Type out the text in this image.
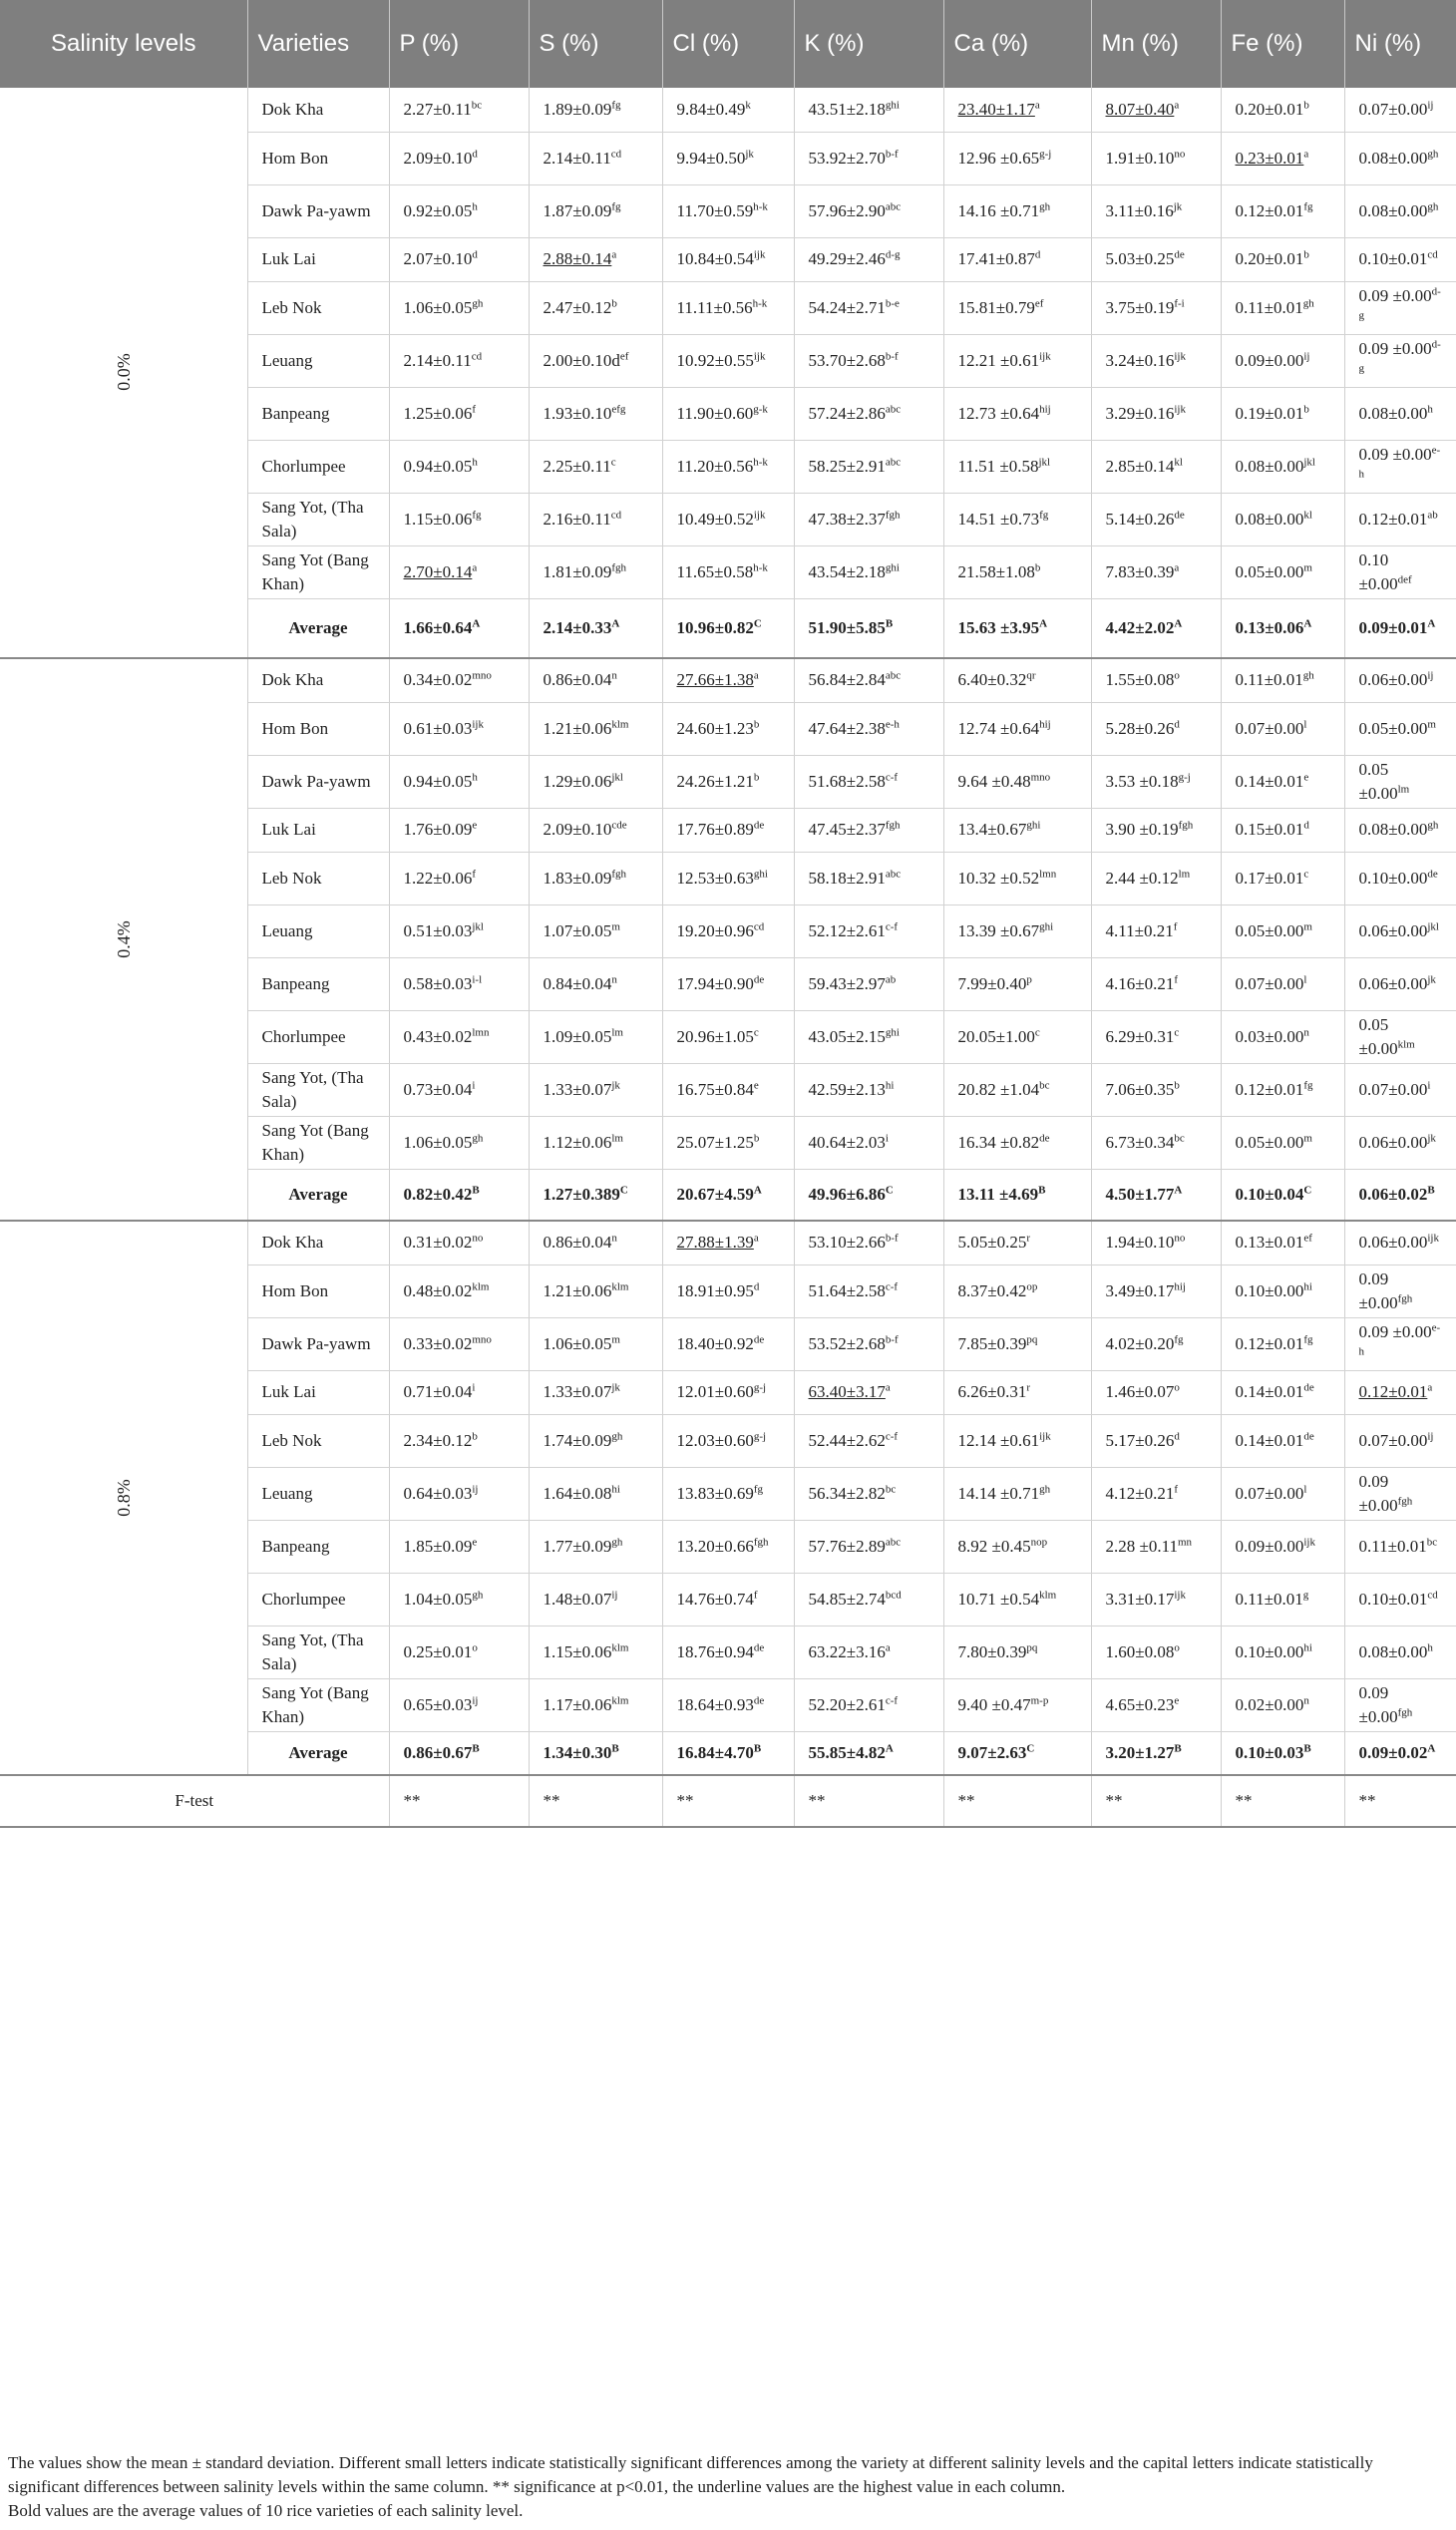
Salinity levels	Varieties	P (%)	S (%)	Cl (%)	K (%)	Ca (%)	Mn (%)	Fe (%)	Ni (%)
0.0%	Dok Kha	2.27±0.11$^{bc}$	1.89±0.09$^{fg}$	$9.84\pm 0.49^k$	$43.51\pm 2.18^{ghi}$	23.40±1.17$^a$	8.07±0.40$^a$	0.20±0.01$^b$	$0.07\pm 0.00^{ij}$
	Hom Bon	2.09±0.10$^d$	2.14±0.11$^{cd}$	$9.94\pm 0.50^{jk}$	$53.92\pm 2.70^{b-f}$	$12.96 \pm 0.65^{g-j}$	$1.91\pm 0.10^{no}$	0.23±0.01$^a$	0.08±0.00$^{gh}$
	Dawk Pa-yawm	0.92±0.05$^h$	1.87±0.09$^{fg}$	$11.70\pm 0.59^{h-k}$	57.96±2.90$^{abc}$	14.16 ±0.71$^{gh}$	$3.11\pm 0.16^{jk}$	0.12±0.01$^{fg}$	0.08±0.00$^{gh}$
	Luk Lai	2.07±0.10$^d$	2.88±0.14$^a$	$10.84\pm 0.54^{ijk}$	$49.29\pm 2.46^{d-g}$	17.41±0.87$^d$	5.03±0.25de	0.20±0.01$^b$	0.10±0.01$^{cd}$
	Leb Nok	1.06±0.05$^{gh}$	2.47±0.12$^b$	$11.11\pm 0.56^{h-k}$	$54.24\pm 2.71^{b-e}$	15.81±0.79$^{ef}$	$3.75\pm 0.19^{f-i}$	0.11±0.01$^{gh}$	$0.09 \pm 0.00^{d-g}$
	Leuang	2.14±0.11$^{cd}$	$2.00\pm 0.10d^{ef}$	$10.92\pm 0.55^{ijk}$	$53.70\pm 2.68^{b-f}$	$12.21 \pm 0.61^{ijk}$	$3.24\pm 0.16^{ijk}$	$0.09\pm 0.00^{ij}$	$0.09 \pm 0.00^{d-g}$
	Banpeang	1.25±0.06$^f$	1.93±0.10$^{efg}$	$11.90\pm 0.60^{g-k}$	57.24±2.86$^{abc}$	$12.73 \pm 0.64^{hij}$	$3.29\pm 0.16^{ijk}$	0.19±0.01$^b$	0.08±0.00$^h$
	Chorlumpee	0.94±0.05$^h$	2.25±0.11$^c$	$11.20\pm 0.56^{h-k}$	58.25±2.91$^{abc}$	$11.51 \pm 0.58^{jkl}$	$2.85\pm 0.14^{kl}$	$0.08\pm 0.00^{jkl}$	$0.09 \pm 0.00^{e-h}$
	Sang Yot, (Tha Sala)	1.15±0.06$^{fg}$	2.16±0.11$^{cd}$	$10.49\pm 0.52^{ijk}$	47.38±2.37$^{fgh}$	14.51 ±0.73$^{fg}$	5.14±0.26de	$0.08\pm 0.00^{kl}$	0.12±0.01$^{ab}$
	Sang Yot (Bang Khan)	2.70±0.14$^a$	1.81±0.09$^{fgh}$	$11.65\pm 0.58^{h-k}$	$43.54\pm 2.18^{ghi}$	21.58±1.08$^b$	7.83±0.39$^a$	$0.05\pm 0.00^m$	0.10 ±0.00$^{def}$
	Average	$1.66\pm 0.64^A$	$2.14\pm 0.33^A$	$10.96\pm 0.82^C$	$51.90\pm 5.85^B$	$15.63 \pm 3.95^A$	$4.42\pm 2.02^A$	$0.13\pm 0.06^A$	$0.09\pm 0.01^A$
0.4%	Dok Kha	$0.34\pm 0.02^{mno}$	$0.86\pm 0.04^n$	27.66±1.38$^a$	56.84±2.84$^{abc}$	$6.40\pm 0.32^{qr}$	$1.55\pm 0.08^o$	0.11±0.01$^{gh}$	$0.06\pm 0.00^{ij}$
	Hom Bon	$0.61\pm 0.03^{ijk}$	$1.21\pm 0.06^{klm}$	24.60±1.23$^b$	$47.64\pm 2.38^{e-h}$	$12.74 \pm 0.64^{hij}$	5.28±0.26$^d$	$0.07\pm 0.00^l$	$0.05\pm 0.00^m$
	Dawk Pa-yawm	0.94±0.05$^h$	$1.29\pm 0.06^{jkl}$	24.26±1.21$^b$	$51.68\pm 2.58^{c-f}$	$9.64 \pm 0.48^{mno}$	$3.53 \pm 0.18^{g-j}$	0.14±0.01$^e$	$0.05 \pm 0.00^{lm}$
	Luk Lai	1.76±0.09$^e$	2.09±0.10$^{cde}$	17.76±0.89de	47.45±2.37$^{fgh}$	$13.4\pm 0.67^{ghi}$	3.90 ±0.19$^{fgh}$	0.15±0.01$^d$	0.08±0.00$^{gh}$
	Leb Nok	1.22±0.06$^f$	1.83±0.09$^{fgh}$	$12.53\pm 0.63^{ghi}$	58.18±2.91$^{abc}$	$10.32 \pm 0.52^{lmn}$	$2.44 \pm 0.12^{lm}$	0.17±0.01$^c$	0.10±0.00de
	Leuang	$0.51\pm 0.03^{jkl}$	$1.07\pm 0.05^m$	19.20±0.96$^{cd}$	$52.12\pm 2.61^{c-f}$	$13.39 \pm 0.67^{ghi}$	4.11±0.21$^f$	$0.05\pm 0.00^m$	$0.06\pm 0.00^{jkl}$
	Banpeang	$0.58\pm 0.03^{i-l}$	$0.84\pm 0.04^n$	17.94±0.90de	59.43±2.97$^{ab}$	$7.99\pm 0.40^p$	4.16±0.21$^f$	$0.07\pm 0.00^l$	$0.06\pm 0.00^{jk}$
	Chorlumpee	$0.43\pm 0.02^{lmn}$	$1.09\pm 0.05^{lm}$	20.96±1.05$^c$	$43.05\pm 2.15^{ghi}$	20.05±1.00$^c$	6.29±0.31$^c$	$0.03\pm 0.00^n$	$0.05 \pm 0.00^{klm}$
	Sang Yot, (Tha Sala)	$0.73\pm 0.04^i$	$1.33\pm 0.07^{jk}$	16.75±0.84$^e$	$42.59\pm 2.13^{hi}$	20.82 ±1.04$^{bc}$	7.06±0.35$^b$	0.12±0.01$^{fg}$	$0.07\pm 0.00^i$
	Sang Yot (Bang Khan)	1.06±0.05$^{gh}$	$1.12\pm 0.06^{lm}$	25.07±1.25$^b$	$40.64\pm 2.03^i$	16.34 ±0.82de	6.73±0.34$^{bc}$	$0.05\pm 0.00^m$	$0.06\pm 0.00^{jk}$
	Average	$0.82\pm 0.42^B$	$1.27\pm 0.389^C$	$20.67\pm 4.59^A$	$49.96\pm 6.86^C$	$13.11 \pm 4.69^B$	$4.50\pm 1.77^A$	$0.10\pm 0.04^C$	$0.06\pm 0.02^B$
0.8%	Dok Kha	$0.31\pm 0.02^{no}$	$0.86\pm 0.04^n$	27.88±1.39$^a$	$53.10\pm 2.66^{b-f}$	$5.05\pm 0.25^r$	$1.94\pm 0.10^{no}$	0.13±0.01$^{ef}$	$0.06\pm 0.00^{ijk}$
	Hom Bon	$0.48\pm 0.02^{klm}$	$1.21\pm 0.06^{klm}$	18.91±0.95$^d$	$51.64\pm 2.58^{c-f}$	$8.37\pm 0.42^{op}$	$3.49\pm 0.17^{hij}$	$0.10\pm 0.00^{hi}$	0.09 ±0.00$^{fgh}$
	Dawk Pa-yawm	$0.33\pm 0.02^{mno}$	$1.06\pm 0.05^m$	18.40±0.92de	$53.52\pm 2.68^{b-f}$	$7.85\pm 0.39^{pq}$	4.02±0.20$^{fg}$	0.12±0.01$^{fg}$	$0.09 \pm 0.00^{e-h}$
	Luk Lai	$0.71\pm 0.04^i$	$1.33\pm 0.07^{jk}$	$12.01\pm 0.60^{g-j}$	63.40±3.17$^a$	$6.26\pm 0.31^r$	$1.46\pm 0.07^o$	0.14±0.01de	0.12±0.01$^a$
	Leb Nok	2.34±0.12$^b$	1.74±0.09$^{gh}$	$12.03\pm 0.60^{g-j}$	$52.44\pm 2.62^{c-f}$	$12.14 \pm 0.61^{ijk}$	5.17±0.26$^d$	0.14±0.01de	$0.07\pm 0.00^{ij}$
	Leuang	$0.64\pm 0.03^{ij}$	$1.64\pm 0.08^{hi}$	13.83±0.69$^{fg}$	56.34±2.82$^{bc}$	14.14 ±0.71$^{gh}$	4.12±0.21$^f$	$0.07\pm 0.00^l$	0.09 ±0.00$^{fgh}$
	Banpeang	1.85±0.09$^e$	1.77±0.09$^{gh}$	13.20±0.66$^{fgh}$	57.76±2.89$^{abc}$	$8.92 \pm 0.45^{nop}$	$2.28 \pm 0.11^{mn}$	$0.09\pm 0.00^{ijk}$	0.11±0.01$^{bc}$
	Chorlumpee	1.04±0.05$^{gh}$	$1.48\pm 0.07^{ij}$	14.76±0.74$^f$	54.85±2.74$^{bcd}$	$10.71 \pm 0.54^{klm}$	$3.31\pm 0.17^{ijk}$	0.11±0.01$^g$	0.10±0.01$^{cd}$
	Sang Yot, (Tha Sala)	$0.25\pm 0.01^o$	$1.15\pm 0.06^{klm}$	18.76±0.94de	63.22±3.16$^a$	$7.80\pm 0.39^{pq}$	$1.60\pm 0.08^o$	$0.10\pm 0.00^{hi}$	0.08±0.00$^h$
	Sang Yot (Bang Khan)	$0.65\pm 0.03^{ij}$	$1.17\pm 0.06^{klm}$	18.64±0.93de	$52.20\pm 2.61^{c-f}$	$9.40 \pm 0.47^{m-p}$	4.65±0.23$^e$	$0.02\pm 0.00^n$	0.09 ±0.00$^{fgh}$
	Average	$0.86\pm 0.67^B$	$1.34\pm 0.30^B$	$16.84\pm 4.70^B$	$55.85\pm 4.82^A$	$9.07\pm 2.63^C$	$3.20\pm 1.27^B$	$0.10\pm 0.03^B$	$0.09\pm 0.02^A$
F-test		**	**	**	**	**	**	**	**

The values show the mean ± standard deviation. Different small letters indicate statistically significant differences among the variety at different salinity levels and the capital letters indicate statistically significant differences between salinity levels within the same column. ** significance at p<0.01, the underline values are the highest value in each column.

Bold values are the average values of 10 rice varieties of each salinity level.
